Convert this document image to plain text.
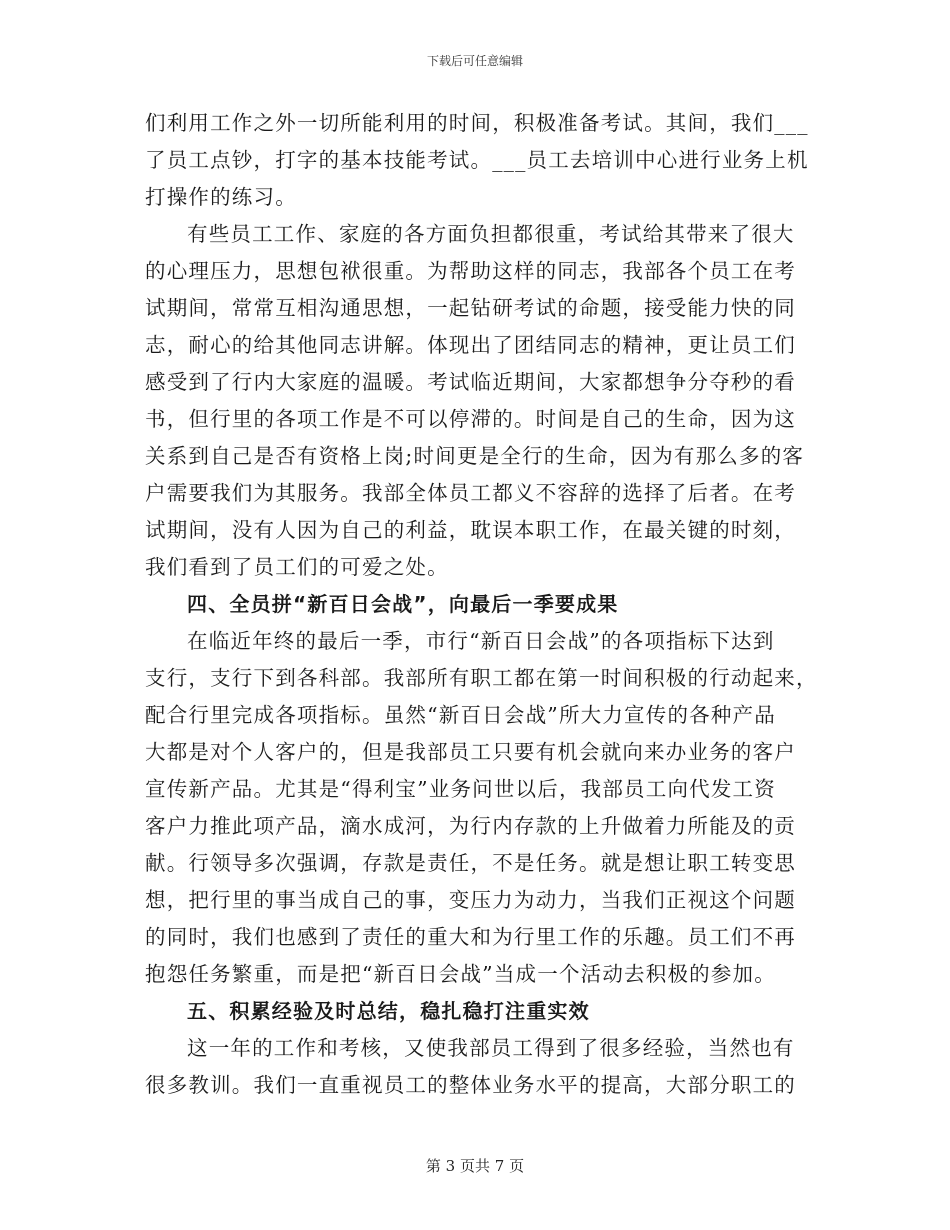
下载后可任意编辑
们利用工作之外一切所能利用的时间，积极准备考试。其间，我们___
了员工点钞，打字的基本技能考试。___员工去培训中心进行业务上机
打操作的练习。
有些员工工作、家庭的各方面负担都很重，考试给其带来了很大
的心理压力，思想包袱很重。为帮助这样的同志，我部各个员工在考
试期间，常常互相沟通思想，一起钻研考试的命题，接受能力快的同
志，耐心的给其他同志讲解。体现出了团结同志的精神，更让员工们
感受到了行内大家庭的温暖。考试临近期间，大家都想争分夺秒的看
书，但行里的各项工作是不可以停滞的。时间是自己的生命，因为这
关系到自己是否有资格上岗;时间更是全行的生命，因为有那么多的客
户需要我们为其服务。我部全体员工都义不容辞的选择了后者。在考
试期间，没有人因为自己的利益，耽误本职工作，在最关键的时刻，
我们看到了员工们的可爱之处。
四、全员拼“新百日会战”，向最后一季要成果
在临近年终的最后一季，市行“新百日会战”的各项指标下达到
支行，支行下到各科部。我部所有职工都在第一时间积极的行动起来，
配合行里完成各项指标。虽然“新百日会战”所大力宣传的各种产品
大都是对个人客户的，但是我部员工只要有机会就向来办业务的客户
宣传新产品。尤其是“得利宝”业务问世以后，我部员工向代发工资
客户力推此项产品，滴水成河，为行内存款的上升做着力所能及的贡
献。行领导多次强调，存款是责任，不是任务。就是想让职工转变思
想，把行里的事当成自己的事，变压力为动力，当我们正视这个问题
的同时，我们也感到了责任的重大和为行里工作的乐趣。员工们不再
抱怨任务繁重，而是把“新百日会战”当成一个活动去积极的参加。
五、积累经验及时总结，稳扎稳打注重实效
这一年的工作和考核，又使我部员工得到了很多经验，当然也有
很多教训。我们一直重视员工的整体业务水平的提高，大部分职工的
第 3 页共 7 页
